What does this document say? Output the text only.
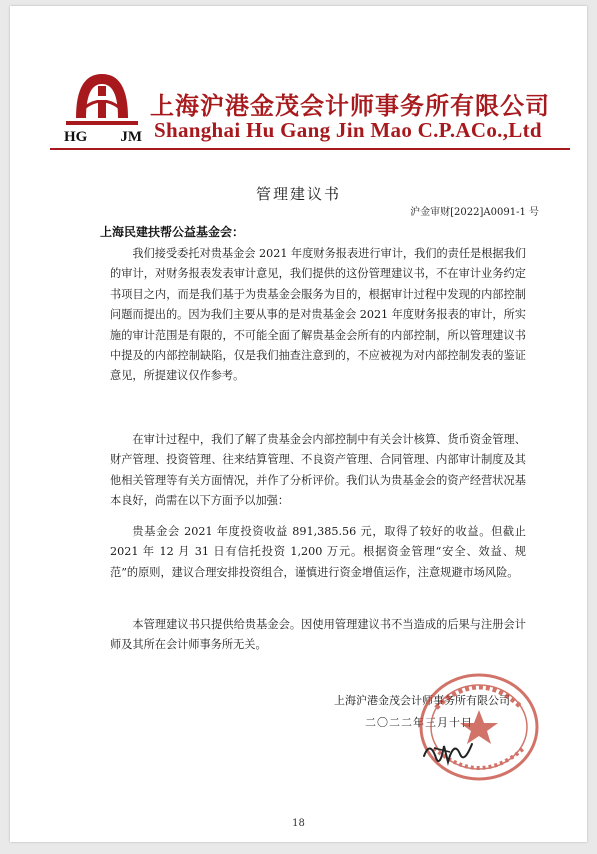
HG JM
上海沪港金茂会计师事务所有限公司
Shanghai Hu Gang Jin Mao C.P.ACo.,Ltd
管理建议书
沪金审财[2022]A0091-1 号
上海民建扶帮公益基金会：

我们接受委托对贵基金会 2021 年度财务报表进行审计，我们的责任是根据我们的审计，对财务报表发表审计意见，我们提供的这份管理建议书，不在审计业务约定书项目之内，而是我们基于为贵基金会服务为目的，根据审计过程中发现的内部控制问题而提出的。因为我们主要从事的是对贵基金会 2021 年度财务报表的审计，所实施的审计范围是有限的，不可能全面了解贵基金会所有的内部控制，所以管理建议书中提及的内部控制缺陷，仅是我们抽查注意到的，不应被视为对内部控制发表的鉴证意见，所提建议仅作参考。

在审计过程中，我们了解了贵基金会内部控制中有关会计核算、货币资金管理、财产管理、投资管理、往来结算管理、不良资产管理、合同管理、内部审计制度及其他相关管理等有关方面情况，并作了分析评价。我们认为贵基金会的资产经营状况基本良好，尚需在以下方面予以加强：

贵基金会 2021 年度投资收益 891,385.56 元，取得了较好的收益。但截止 2021 年 12 月 31 日有信托投资 1,200 万元。根据资金管理“安全、效益、规范”的原则，建议合理安排投资组合，谨慎进行资金增值运作，注意规避市场风险。

本管理建议书只提供给贵基金会。因使用管理建议书不当造成的后果与注册会计师及其所在会计师事务所无关。

上海沪港金茂会计师事务所有限公司
二〇二二年三月十日
18
